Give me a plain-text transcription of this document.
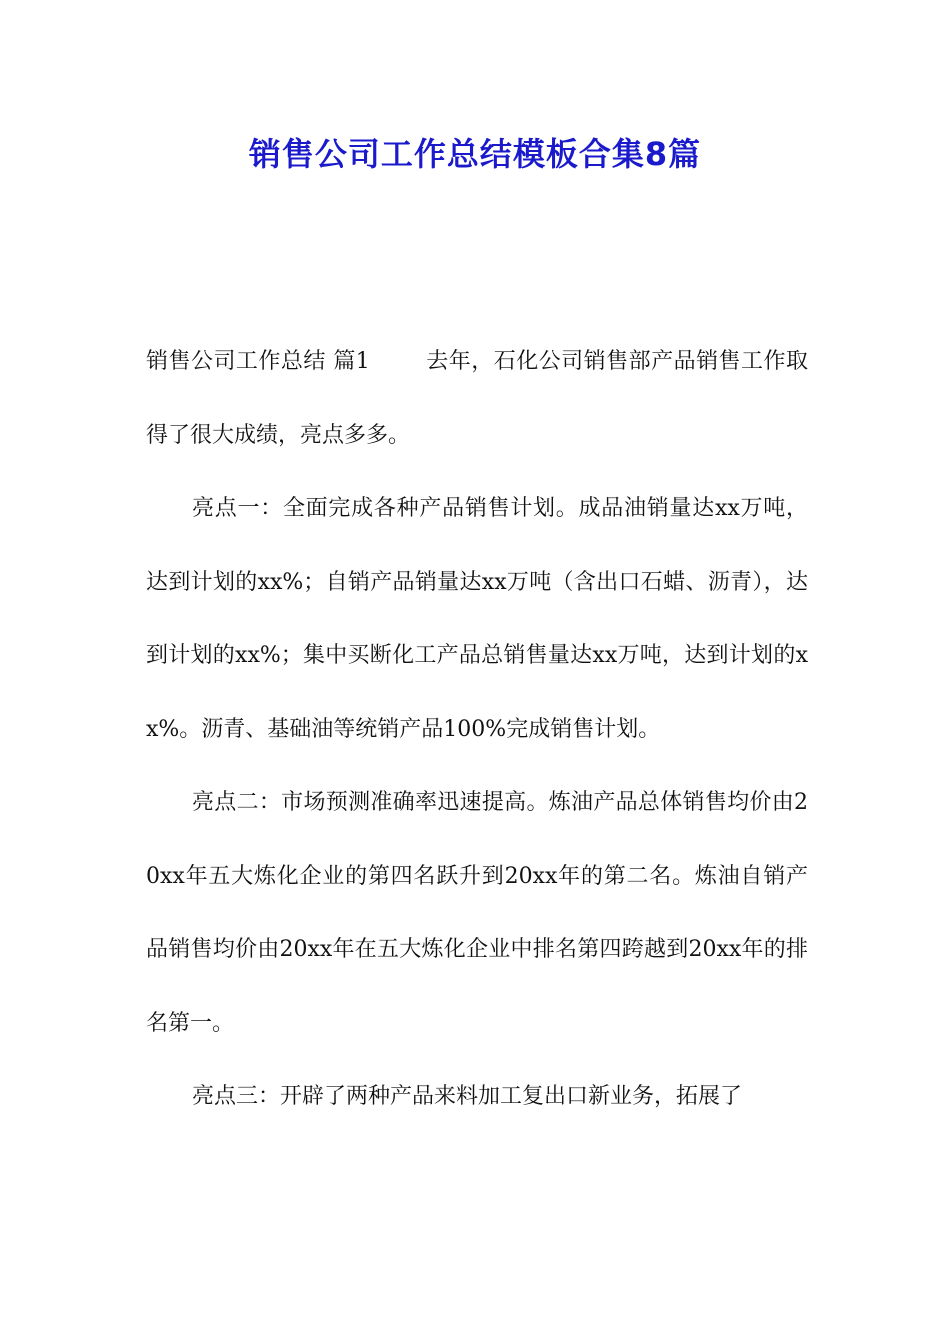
销售公司工作总结模板合集8篇

销售公司工作总结 篇1	去年，石化公司销售部产品销售工作取得了很大成绩，亮点多多。

亮点一：全面完成各种产品销售计划。成品油销量达xx万吨，达到计划的xx%；自销产品销量达xx万吨（含出口石蜡、沥青），达到计划的xx%；集中买断化工产品总销售量达xx万吨，达到计划的xx%。沥青、基础油等统销产品100%完成销售计划。

亮点二：市场预测准确率迅速提高。炼油产品总体销售均价由20xx年五大炼化企业的第四名跃升到20xx年的第二名。炼油自销产品销售均价由20xx年在五大炼化企业中排名第四跨越到20xx年的排名第一。

亮点三：开辟了两种产品来料加工复出口新业务，拓展了
